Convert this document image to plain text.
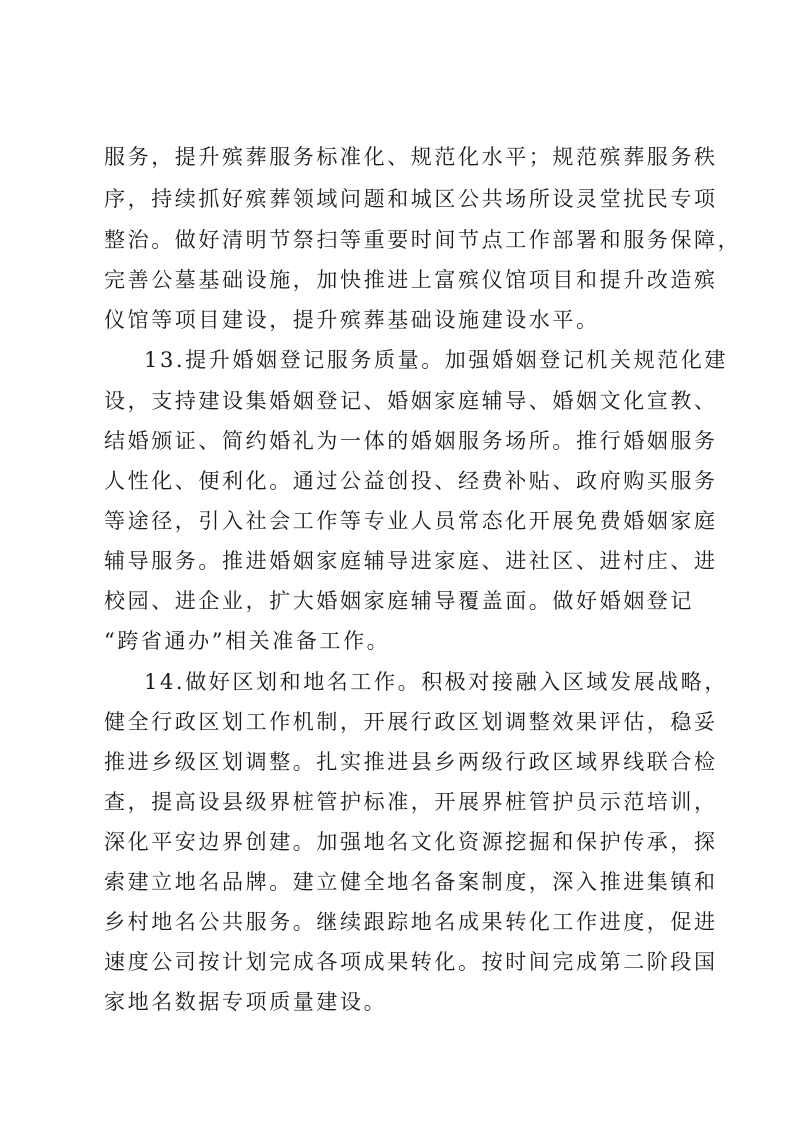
服务，提升殡葬服务标准化、规范化水平；规范殡葬服务秩

序，持续抓好殡葬领域问题和城区公共场所设灵堂扰民专项

整治。做好清明节祭扫等重要时间节点工作部署和服务保障，

完善公墓基础设施，加快推进上富殡仪馆项目和提升改造殡

仪馆等项目建设，提升殡葬基础设施建设水平。

13.提升婚姻登记服务质量。加强婚姻登记机关规范化建

设，支持建设集婚姻登记、婚姻家庭辅导、婚姻文化宣教、

结婚颁证、简约婚礼为一体的婚姻服务场所。推行婚姻服务

人性化、便利化。通过公益创投、经费补贴、政府购买服务

等途径，引入社会工作等专业人员常态化开展免费婚姻家庭

辅导服务。推进婚姻家庭辅导进家庭、进社区、进村庄、进

校园、进企业，扩大婚姻家庭辅导覆盖面。做好婚姻登记

“跨省通办”相关准备工作。

14.做好区划和地名工作。积极对接融入区域发展战略，

健全行政区划工作机制，开展行政区划调整效果评估，稳妥

推进乡级区划调整。扎实推进县乡两级行政区域界线联合检

查，提高设县级界桩管护标准，开展界桩管护员示范培训，

深化平安边界创建。加强地名文化资源挖掘和保护传承，探

索建立地名品牌。建立健全地名备案制度，深入推进集镇和

乡村地名公共服务。继续跟踪地名成果转化工作进度，促进

速度公司按计划完成各项成果转化。按时间完成第二阶段国

家地名数据专项质量建设。
